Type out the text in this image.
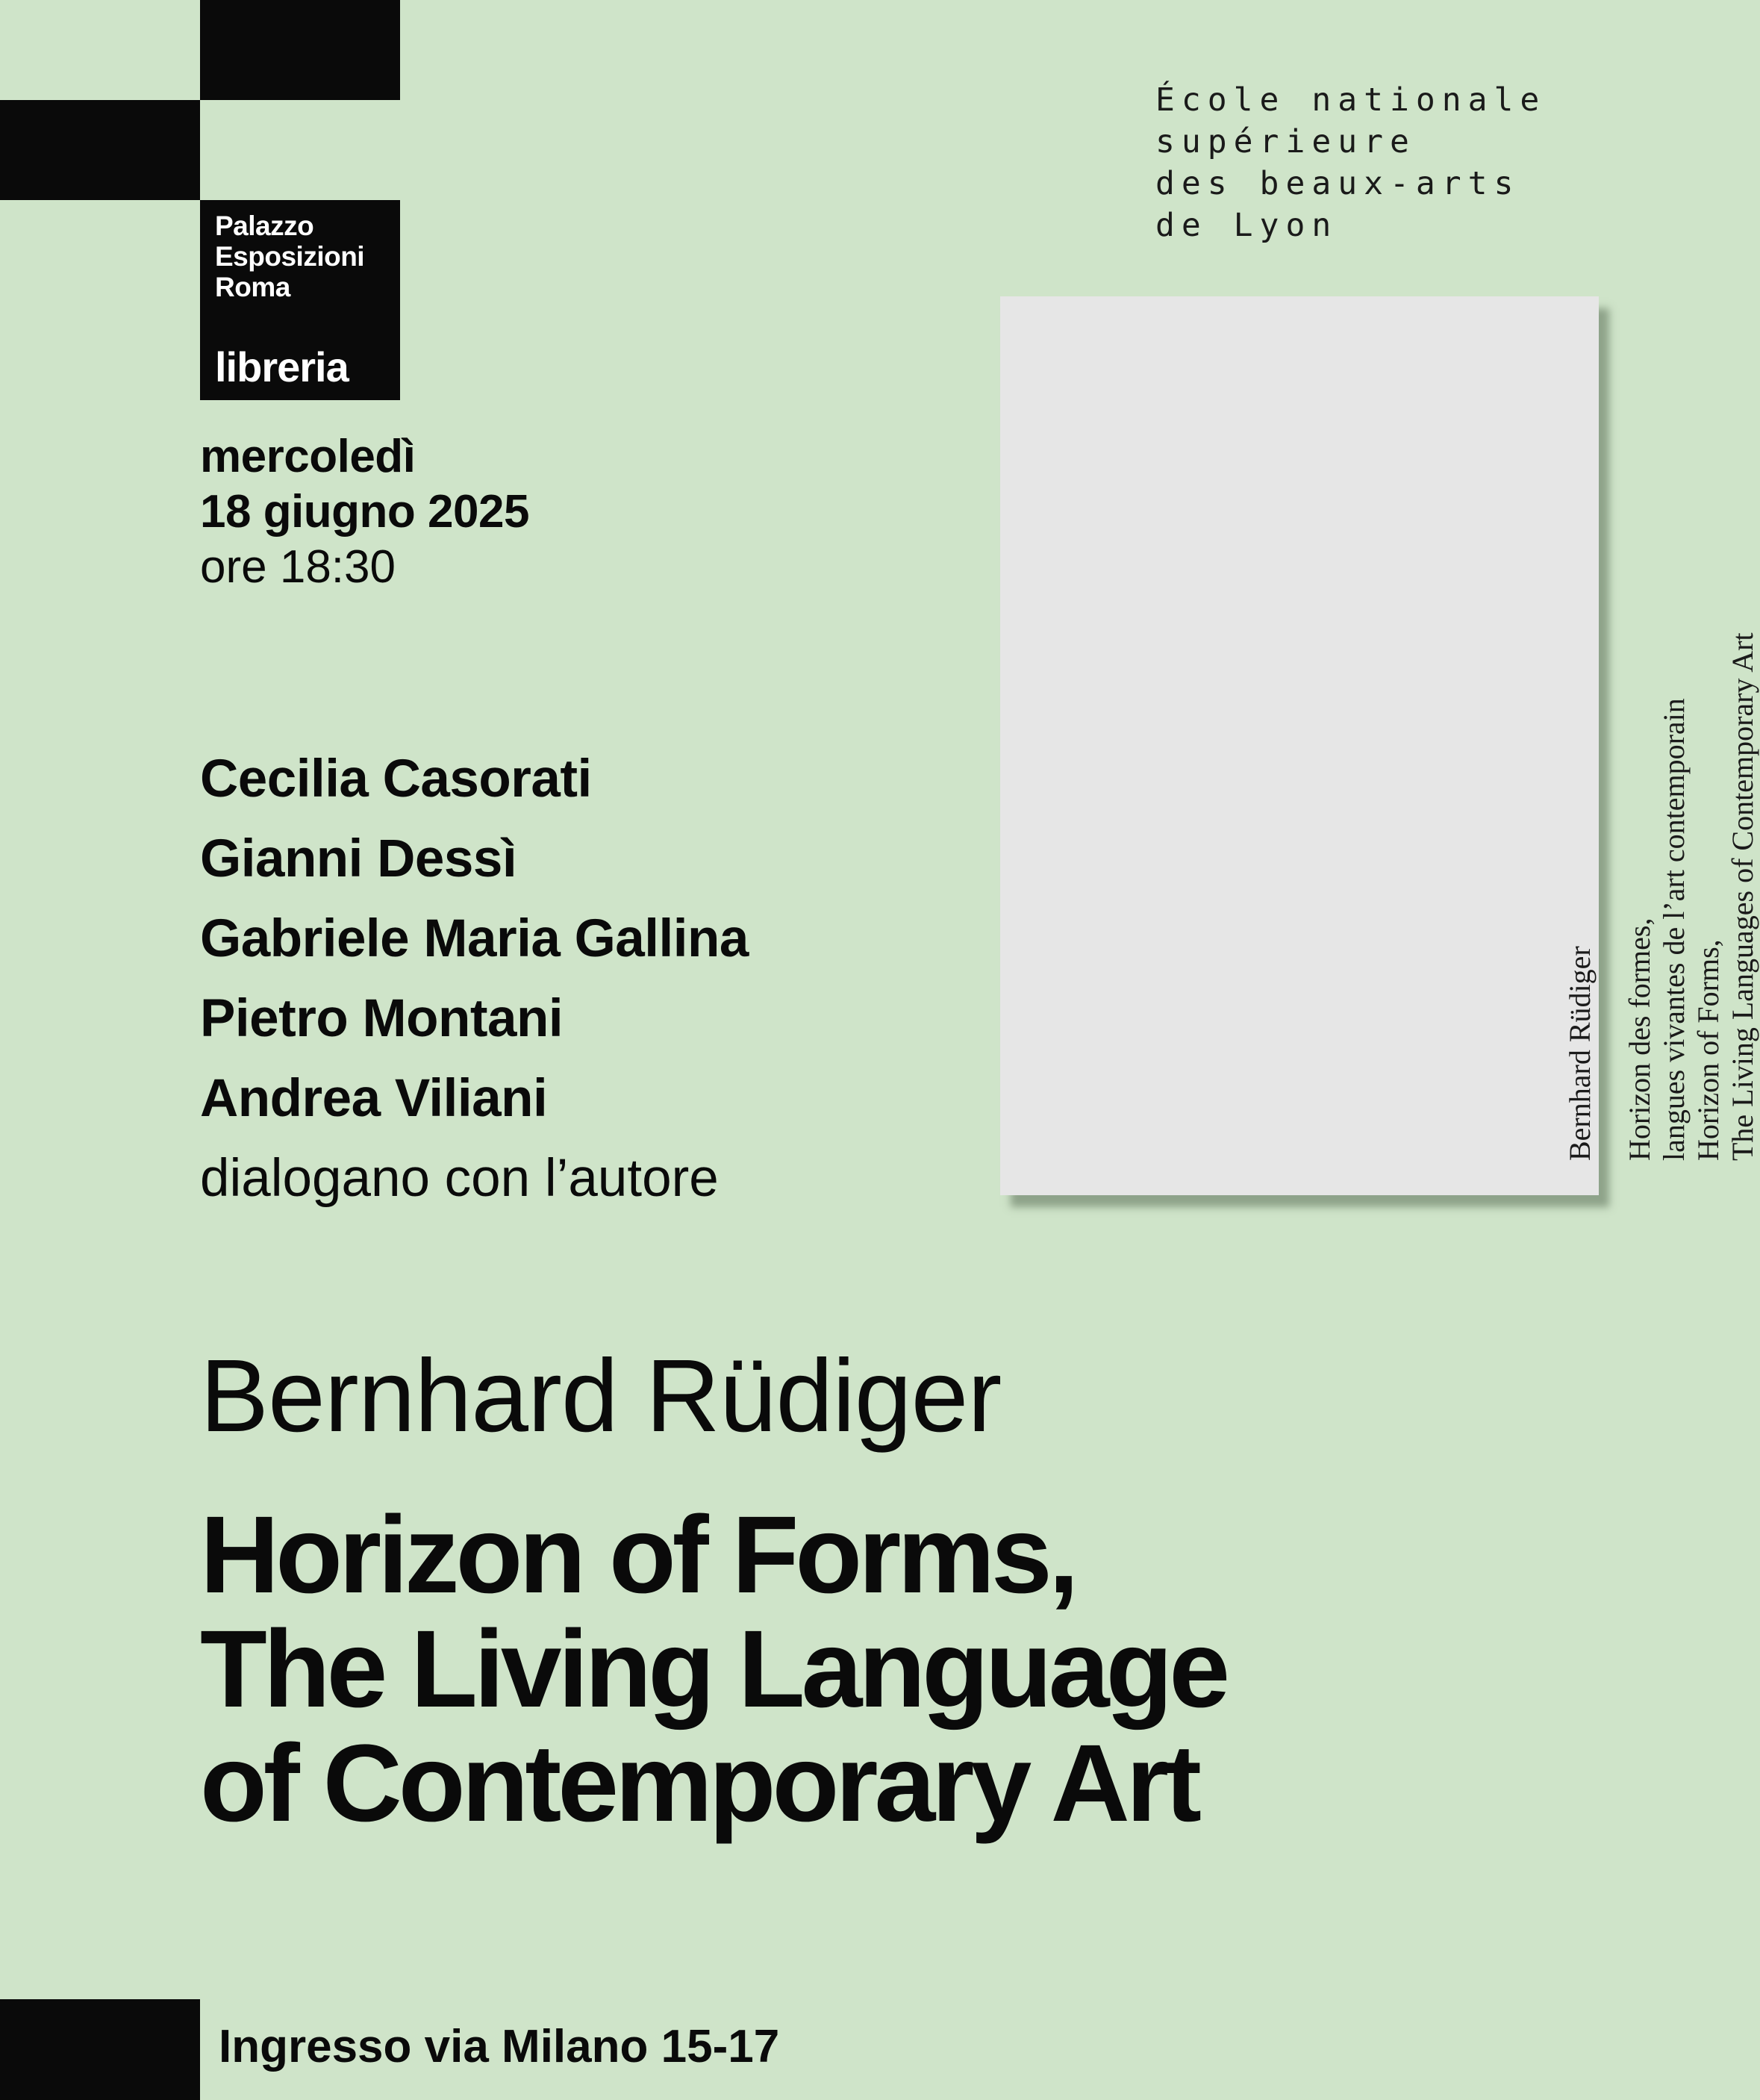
Palazzo
Esposizioni
Roma
libreria
École nationale
supérieure
des beaux-arts
de Lyon
mercoledì
18 giugno 2025
ore 18:30
Cecilia Casorati
Gianni Dessì
Gabriele Maria Gallina
Pietro Montani
Andrea Viliani
dialogano con l’autore
Bernhard Rüdiger Horizon des formes, langues vivantes de l’art contemporain Horizon of Forms, The Living Languages of Contemporary Art
Bernhard Rüdiger
Horizon of Forms,
The Living Language
of Contemporary Art
Ingresso via Milano 15-17
